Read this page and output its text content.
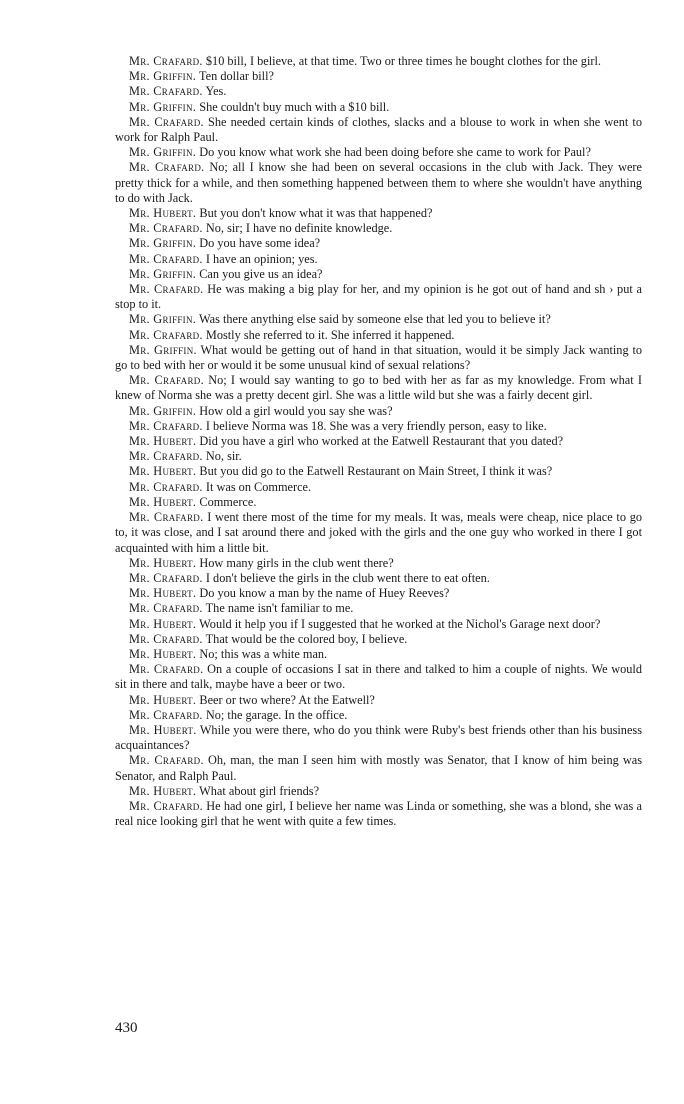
Mr. Crafard. $10 bill, I believe, at that time. Two or three times he bought clothes for the girl.

Mr. Griffin. Ten dollar bill?

Mr. Crafard. Yes.

Mr. Griffin. She couldn't buy much with a $10 bill.

Mr. Crafard. She needed certain kinds of clothes, slacks and a blouse to work in when she went to work for Ralph Paul.

Mr. Griffin. Do you know what work she had been doing before she came to work for Paul?

Mr. Crafard. No; all I know she had been on several occasions in the club with Jack. They were pretty thick for a while, and then something happened between them to where she wouldn't have anything to do with Jack.

Mr. Hubert. But you don't know what it was that happened?

Mr. Crafard. No, sir; I have no definite knowledge.

Mr. Griffin. Do you have some idea?

Mr. Crafard. I have an opinion; yes.

Mr. Griffin. Can you give us an idea?

Mr. Crafard. He was making a big play for her, and my opinion is he got out of hand and sh › put a stop to it.

Mr. Griffin. Was there anything else said by someone else that led you to believe it?

Mr. Crafard. Mostly she referred to it. She inferred it happened.

Mr. Griffin. What would be getting out of hand in that situation, would it be simply Jack wanting to go to bed with her or would it be some unusual kind of sexual relations?

Mr. Crafard. No; I would say wanting to go to bed with her as far as my knowledge. From what I knew of Norma she was a pretty decent girl. She was a little wild but she was a fairly decent girl.

Mr. Griffin. How old a girl would you say she was?

Mr. Crafard. I believe Norma was 18. She was a very friendly person, easy to like.

Mr. Hubert. Did you have a girl who worked at the Eatwell Restaurant that you dated?

Mr. Crafard. No, sir.

Mr. Hubert. But you did go to the Eatwell Restaurant on Main Street, I think it was?

Mr. Crafard. It was on Commerce.

Mr. Hubert. Commerce.

Mr. Crafard. I went there most of the time for my meals. It was, meals were cheap, nice place to go to, it was close, and I sat around there and joked with the girls and the one guy who worked in there I got acquainted with him a little bit.

Mr. Hubert. How many girls in the club went there?

Mr. Crafard. I don't believe the girls in the club went there to eat often.

Mr. Hubert. Do you know a man by the name of Huey Reeves?

Mr. Crafard. The name isn't familiar to me.

Mr. Hubert. Would it help you if I suggested that he worked at the Nichol's Garage next door?

Mr. Crafard. That would be the colored boy, I believe.

Mr. Hubert. No; this was a white man.

Mr. Crafard. On a couple of occasions I sat in there and talked to him a couple of nights. We would sit in there and talk, maybe have a beer or two.

Mr. Hubert. Beer or two where? At the Eatwell?

Mr. Crafard. No; the garage. In the office.

Mr. Hubert. While you were there, who do you think were Ruby's best friends other than his business acquaintances?

Mr. Crafard. Oh, man, the man I seen him with mostly was Senator, that I know of him being was Senator, and Ralph Paul.

Mr. Hubert. What about girl friends?

Mr. Crafard. He had one girl, I believe her name was Linda or something, she was a blond, she was a real nice looking girl that he went with quite a few times.

430
